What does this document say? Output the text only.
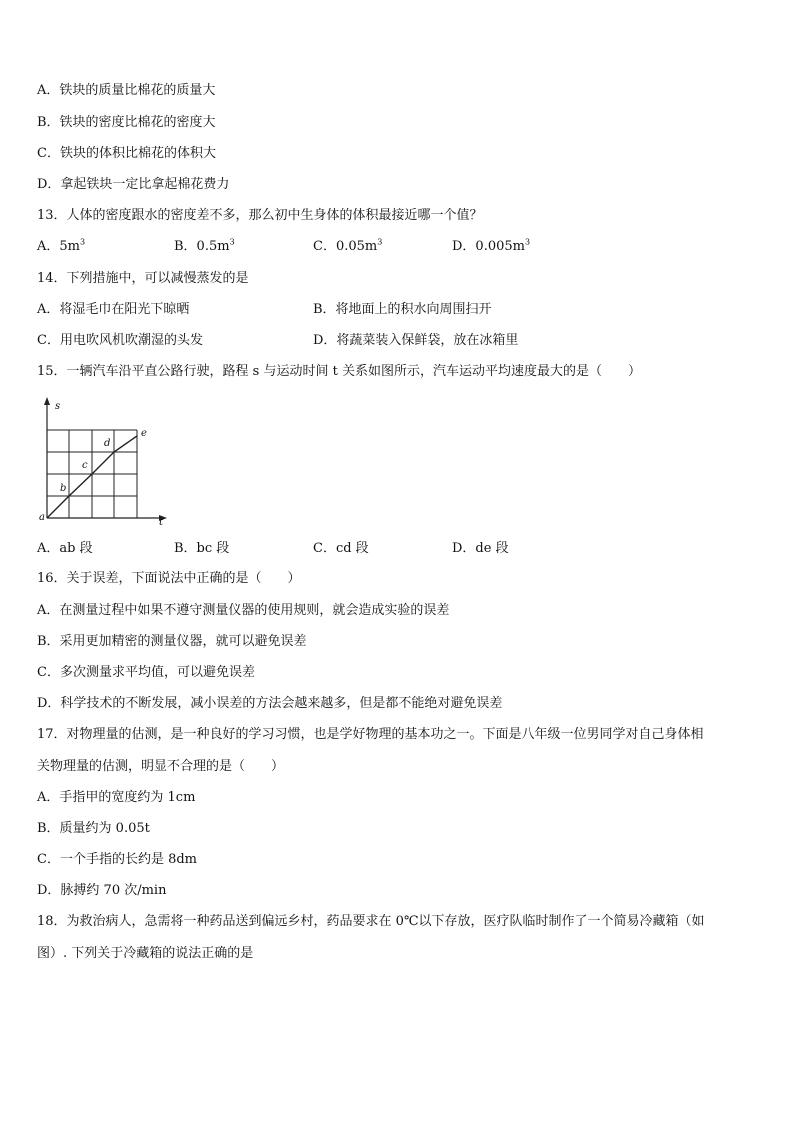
A．铁块的质量比棉花的质量大
B．铁块的密度比棉花的密度大
C．铁块的体积比棉花的体积大
D．拿起铁块一定比拿起棉花费力
13．人体的密度跟水的密度差不多，那么初中生身体的体积最接近哪一个值？
A．$5m^3$	B．$0.5m^3$	C．$0.05m^3$	D．$0.005m^3$
14．下列措施中，可以减慢蒸发的是
A．将湿毛巾在阳光下晾晒	B．将地面上的积水向周围扫开
C．用电吹风机吹潮湿的头发	D．将蔬菜装入保鲜袋，放在冰箱里
15．一辆汽车沿平直公路行驶，路程 s 与运动时间 t 关系如图所示，汽车运动平均速度最大的是（　　）
s
t
a
b
c
d
e
A．ab 段	B．bc 段	C．cd 段	D．de 段
16．关于误差，下面说法中正确的是（　　）
A．在测量过程中如果不遵守测量仪器的使用规则，就会造成实验的误差
B．采用更加精密的测量仪器，就可以避免误差
C．多次测量求平均值，可以避免误差
D．科学技术的不断发展，减小误差的方法会越来越多，但是都不能绝对避免误差
17．对物理量的估测，是一种良好的学习习惯，也是学好物理的基本功之一。下面是八年级一位男同学对自己身体相
关物理量的估测，明显不合理的是（　　）
A．手指甲的宽度约为 1cm
B．质量约为 0.05t
C．一个手指的长约是 8dm
D．脉搏约 70 次/min
18．为救治病人，急需将一种药品送到偏远乡村，药品要求在 0℃以下存放，医疗队临时制作了一个简易冷藏箱（如
图）. 下列关于冷藏箱的说法正确的是
